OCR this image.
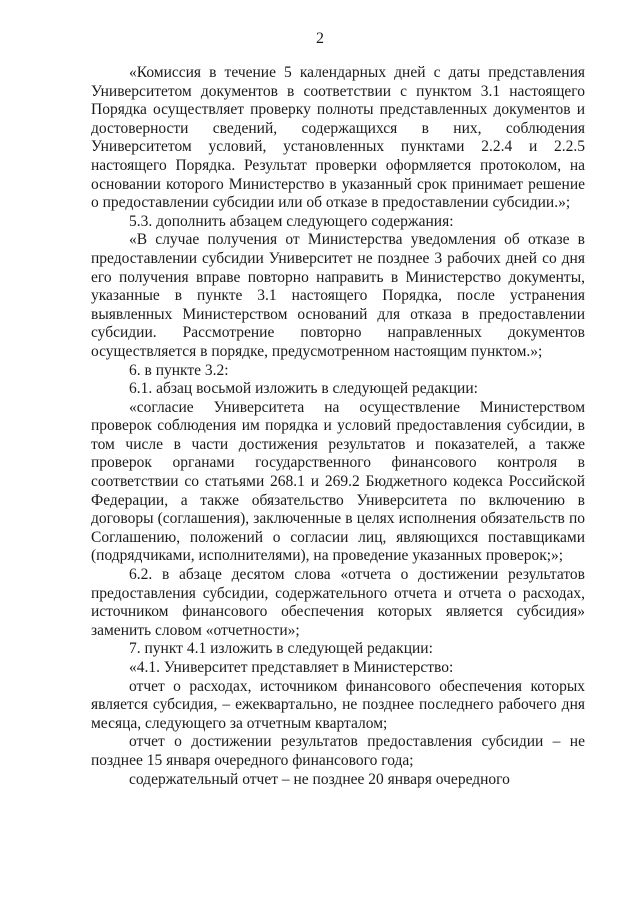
2

«Комиссия в течение 5 календарных дней с даты представления Университетом документов в соответствии с пунктом 3.1 настоящего Порядка осуществляет проверку полноты представленных документов и достоверности сведений, содержащихся в них, соблюдения Университетом условий, установленных пунктами 2.2.4 и 2.2.5 настоящего Порядка. Результат проверки оформляется протоколом, на основании которого Министерство в указанный срок принимает решение о предоставлении субсидии или об отказе в предоставлении субсидии.»;

5.3. дополнить абзацем следующего содержания:

«В случае получения от Министерства уведомления об отказе в предоставлении субсидии Университет не позднее 3 рабочих дней со дня его получения вправе повторно направить в Министерство документы, указанные в пункте 3.1 настоящего Порядка, после устранения выявленных Министерством оснований для отказа в предоставлении субсидии. Рассмотрение повторно направленных документов осуществляется в порядке, предусмотренном настоящим пунктом.»;

6. в пункте 3.2:

6.1. абзац восьмой изложить в следующей редакции:

«согласие Университета на осуществление Министерством проверок соблюдения им порядка и условий предоставления субсидии, в том числе в части достижения результатов и показателей, а также проверок органами государственного финансового контроля в соответствии со статьями 268.1 и 269.2 Бюджетного кодекса Российской Федерации, а также обязательство Университета по включению в договоры (соглашения), заключенные в целях исполнения обязательств по Соглашению, положений о согласии лиц, являющихся поставщиками (подрядчиками, исполнителями), на проведение указанных проверок;»;

6.2. в абзаце десятом слова «отчета о достижении результатов предоставления субсидии, содержательного отчета и отчета о расходах, источником финансового обеспечения которых является субсидия» заменить словом «отчетности»;

7. пункт 4.1 изложить в следующей редакции:

«4.1. Университет представляет в Министерство:

отчет о расходах, источником финансового обеспечения которых является субсидия, – ежеквартально, не позднее последнего рабочего дня месяца, следующего за отчетным кварталом;

отчет о достижении результатов предоставления субсидии – не позднее 15 января очередного финансового года;

содержательный отчет – не позднее 20 января очередного
